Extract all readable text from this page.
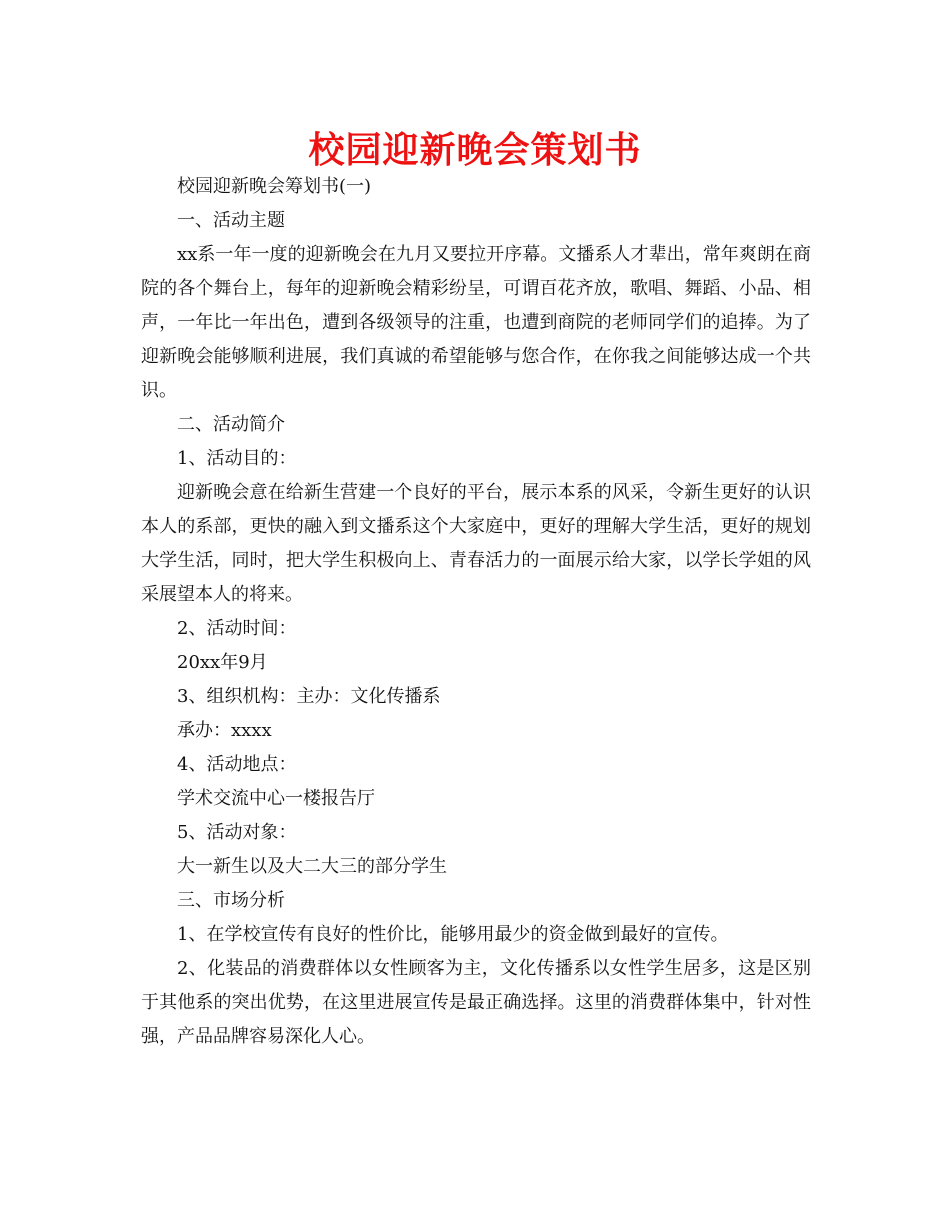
校园迎新晚会策划书

校园迎新晚会筹划书(一)

一、活动主题

xx系一年一度的迎新晚会在九月又要拉开序幕。文播系人才辈出，常年爽朗在商院的各个舞台上，每年的迎新晚会精彩纷呈，可谓百花齐放，歌唱、舞蹈、小品、相声，一年比一年出色，遭到各级领导的注重，也遭到商院的老师同学们的追捧。为了迎新晚会能够顺利进展，我们真诚的希望能够与您合作，在你我之间能够达成一个共识。

二、活动简介

1、活动目的：

迎新晚会意在给新生营建一个良好的平台，展示本系的风采，令新生更好的认识本人的系部，更快的融入到文播系这个大家庭中，更好的理解大学生活，更好的规划大学生活，同时，把大学生积极向上、青春活力的一面展示给大家，以学长学姐的风采展望本人的将来。

2、活动时间：

20xx年9月

3、组织机构：主办：文化传播系

承办：xxxx

4、活动地点：

学术交流中心一楼报告厅

5、活动对象：

大一新生以及大二大三的部分学生

三、市场分析

1、在学校宣传有良好的性价比，能够用最少的资金做到最好的宣传。

2、化装品的消费群体以女性顾客为主，文化传播系以女性学生居多，这是区别于其他系的突出优势，在这里进展宣传是最正确选择。这里的消费群体集中，针对性强，产品品牌容易深化人心。
